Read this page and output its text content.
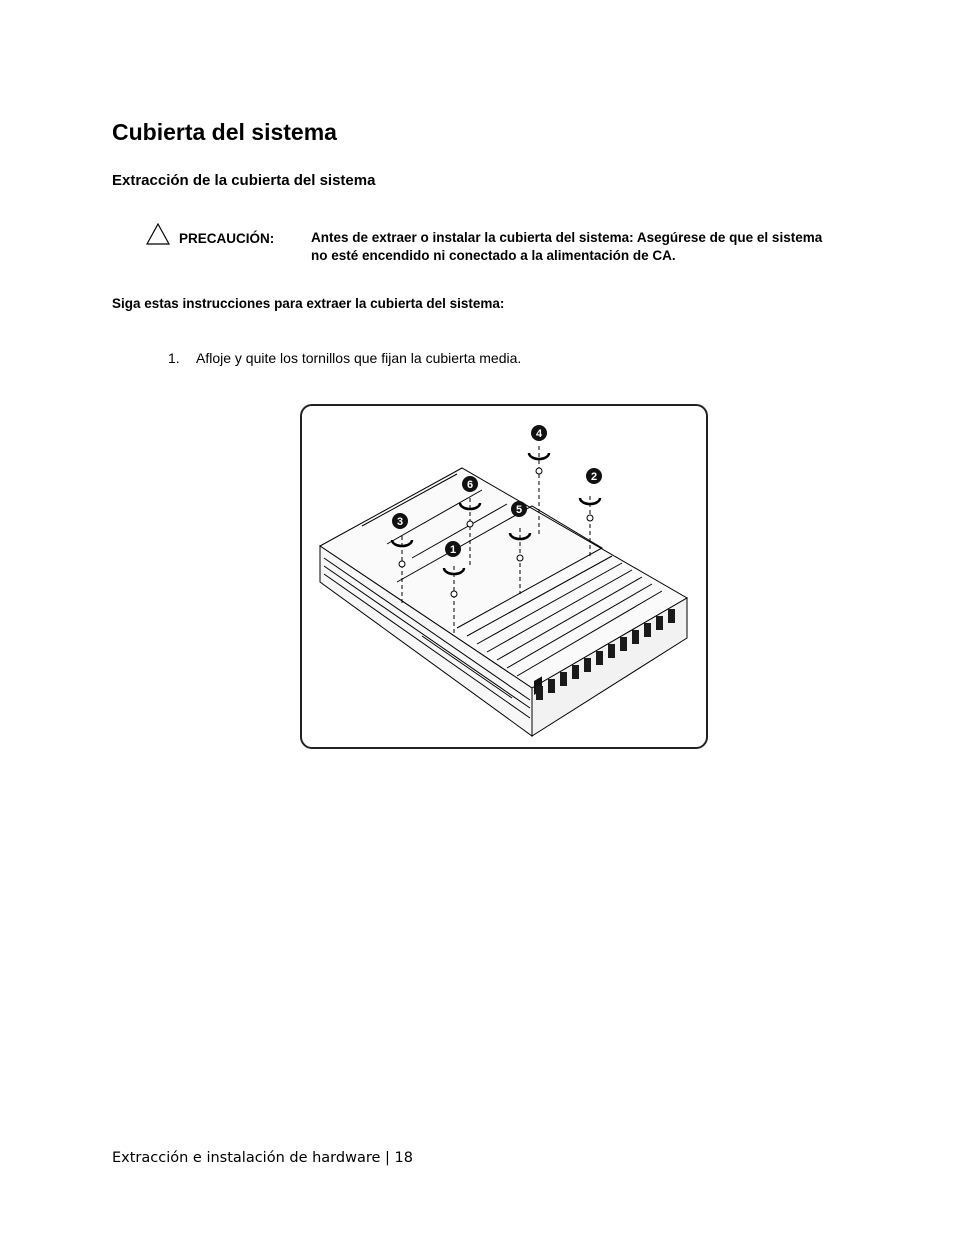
Cubierta del sistema
Extracción de la cubierta del sistema
PRECAUCIÓN:	Antes de extraer o instalar la cubierta del sistema: Asegúrese de que el sistema no esté encendido ni conectado a la alimentación de CA.
Siga estas instrucciones para extraer la cubierta del sistema:
1. Afloje y quite los tornillos que fijan la cubierta media.
1
2
3
4
5
6
Extracción e instalación de hardware | 18
